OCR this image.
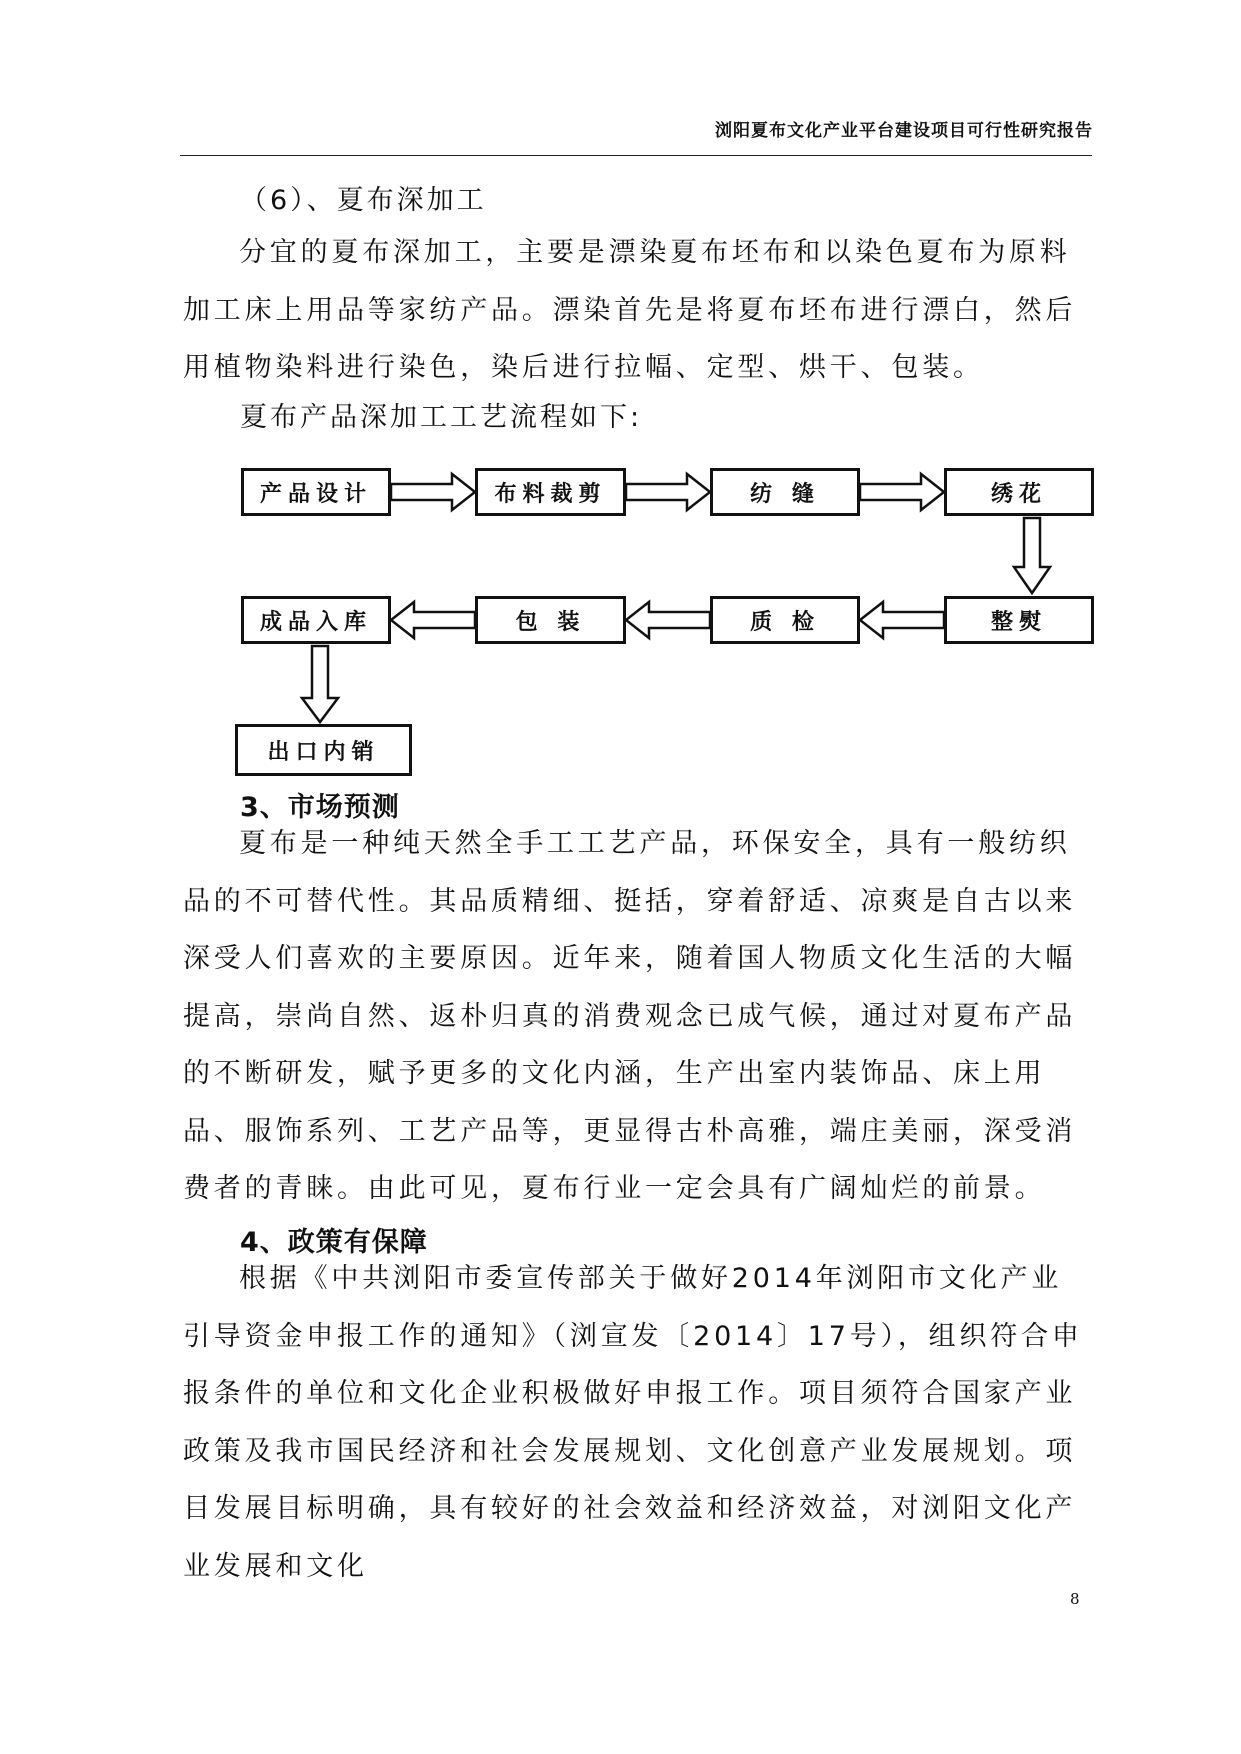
浏阳夏布文化产业平台建设项目可行性研究报告

（6）、夏布深加工

分宜的夏布深加工，主要是漂染夏布坯布和以染色夏布为原料加工床上用品等家纺产品。漂染首先是将夏布坯布进行漂白，然后用植物染料进行染色，染后进行拉幅、定型、烘干、包装。

夏布产品深加工工艺流程如下:

产品设计	布料裁剪	纺 缝	绣花
整熨
质 检
包 装
成品入库
出口内销

3、市场预测

夏布是一种纯天然全手工工艺产品，环保安全，具有一般纺织品的不可替代性。其品质精细、挺括，穿着舒适、凉爽是自古以来深受人们喜欢的主要原因。近年来，随着国人物质文化生活的大幅提高，崇尚自然、返朴归真的消费观念已成气候，通过对夏布产品的不断研发，赋予更多的文化内涵，生产出室内装饰品、床上用品、服饰系列、工艺产品等，更显得古朴高雅，端庄美丽，深受消费者的青睐。由此可见，夏布行业一定会具有广阔灿烂的前景。

4、政策有保障

根据《中共浏阳市委宣传部关于做好2014年浏阳市文化产业引导资金申报工作的通知》（浏宣发〔2014〕17号），组织符合申报条件的单位和文化企业积极做好申报工作。项目须符合国家产业政策及我市国民经济和社会发展规划、文化创意产业发展规划。项目发展目标明确，具有较好的社会效益和经济效益，对浏阳文化产业发展和文化

8
